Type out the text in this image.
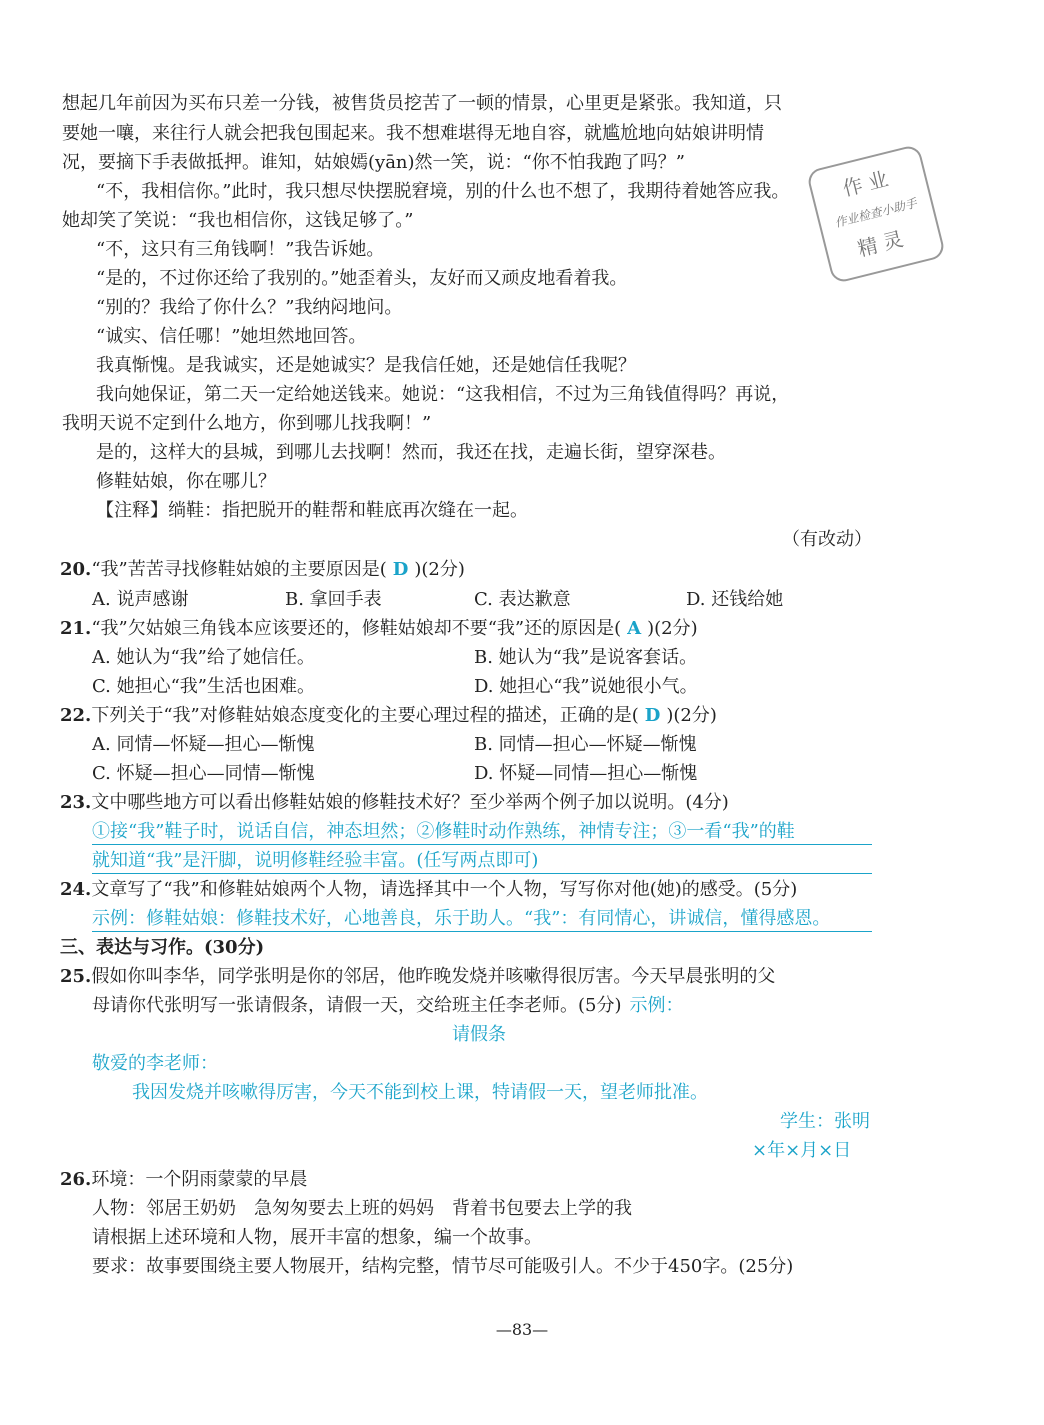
想起几年前因为买布只差一分钱，被售货员挖苦了一顿的情景，心里更是紧张。我知道，只
要她一嚷，来往行人就会把我包围起来。我不想难堪得无地自容，就尴尬地向姑娘讲明情
况，要摘下手表做抵押。谁知，姑娘嫣(yān)然一笑，说：“你不怕我跑了吗？”
“不，我相信你。”此时，我只想尽快摆脱窘境，别的什么也不想了，我期待着她答应我。
她却笑了笑说：“我也相信你，这钱足够了。”
“不，这只有三角钱啊！”我告诉她。
“是的，不过你还给了我别的。”她歪着头，友好而又顽皮地看着我。
“别的？我给了你什么？”我纳闷地问。
“诚实、信任哪！”她坦然地回答。
我真惭愧。是我诚实，还是她诚实？是我信任她，还是她信任我呢？
我向她保证，第二天一定给她送钱来。她说：“这我相信，不过为三角钱值得吗？再说，
我明天说不定到什么地方，你到哪儿找我啊！”
是的，这样大的县城，到哪儿去找啊！然而，我还在找，走遍长街，望穿深巷。
修鞋姑娘，你在哪儿？
【注释】绱鞋：指把脱开的鞋帮和鞋底再次缝在一起。
（有改动）
作业
作业检查小助手
精灵
20.“我”苦苦寻找修鞋姑娘的主要原因是( D )(2分)
A. 说声感谢	B. 拿回手表	C. 表达歉意	D. 还钱给她
21.“我”欠姑娘三角钱本应该要还的，修鞋姑娘却不要“我”还的原因是( A )(2分)
A. 她认为“我”给了她信任。	B. 她认为“我”是说客套话。
C. 她担心“我”生活也困难。	D. 她担心“我”说她很小气。
22.下列关于“我”对修鞋姑娘态度变化的主要心理过程的描述，正确的是( D )(2分)
A. 同情—怀疑—担心—惭愧	B. 同情—担心—怀疑—惭愧
C. 怀疑—担心—同情—惭愧	D. 怀疑—同情—担心—惭愧
23.文中哪些地方可以看出修鞋姑娘的修鞋技术好？至少举两个例子加以说明。(4分)
①接“我”鞋子时，说话自信，神态坦然；②修鞋时动作熟练，神情专注；③一看“我”的鞋
就知道“我”是汗脚，说明修鞋经验丰富。(任写两点即可)
24.文章写了“我”和修鞋姑娘两个人物，请选择其中一个人物，写写你对他(她)的感受。(5分)
示例：修鞋姑娘：修鞋技术好，心地善良，乐于助人。“我”：有同情心，讲诚信，懂得感恩。
三、表达与习作。(30分)
25.假如你叫李华，同学张明是你的邻居，他昨晚发烧并咳嗽得很厉害。今天早晨张明的父
母请你代张明写一张请假条，请假一天，交给班主任李老师。(5分) 示例：
请假条
敬爱的李老师：
我因发烧并咳嗽得厉害，今天不能到校上课，特请假一天，望老师批准。
学生：张明
×年×月×日
26.环境：一个阴雨蒙蒙的早晨
人物：邻居王奶奶　急匆匆要去上班的妈妈　背着书包要去上学的我
请根据上述环境和人物，展开丰富的想象，编一个故事。
要求：故事要围绕主要人物展开，结构完整，情节尽可能吸引人。不少于450字。(25分)
—83—
